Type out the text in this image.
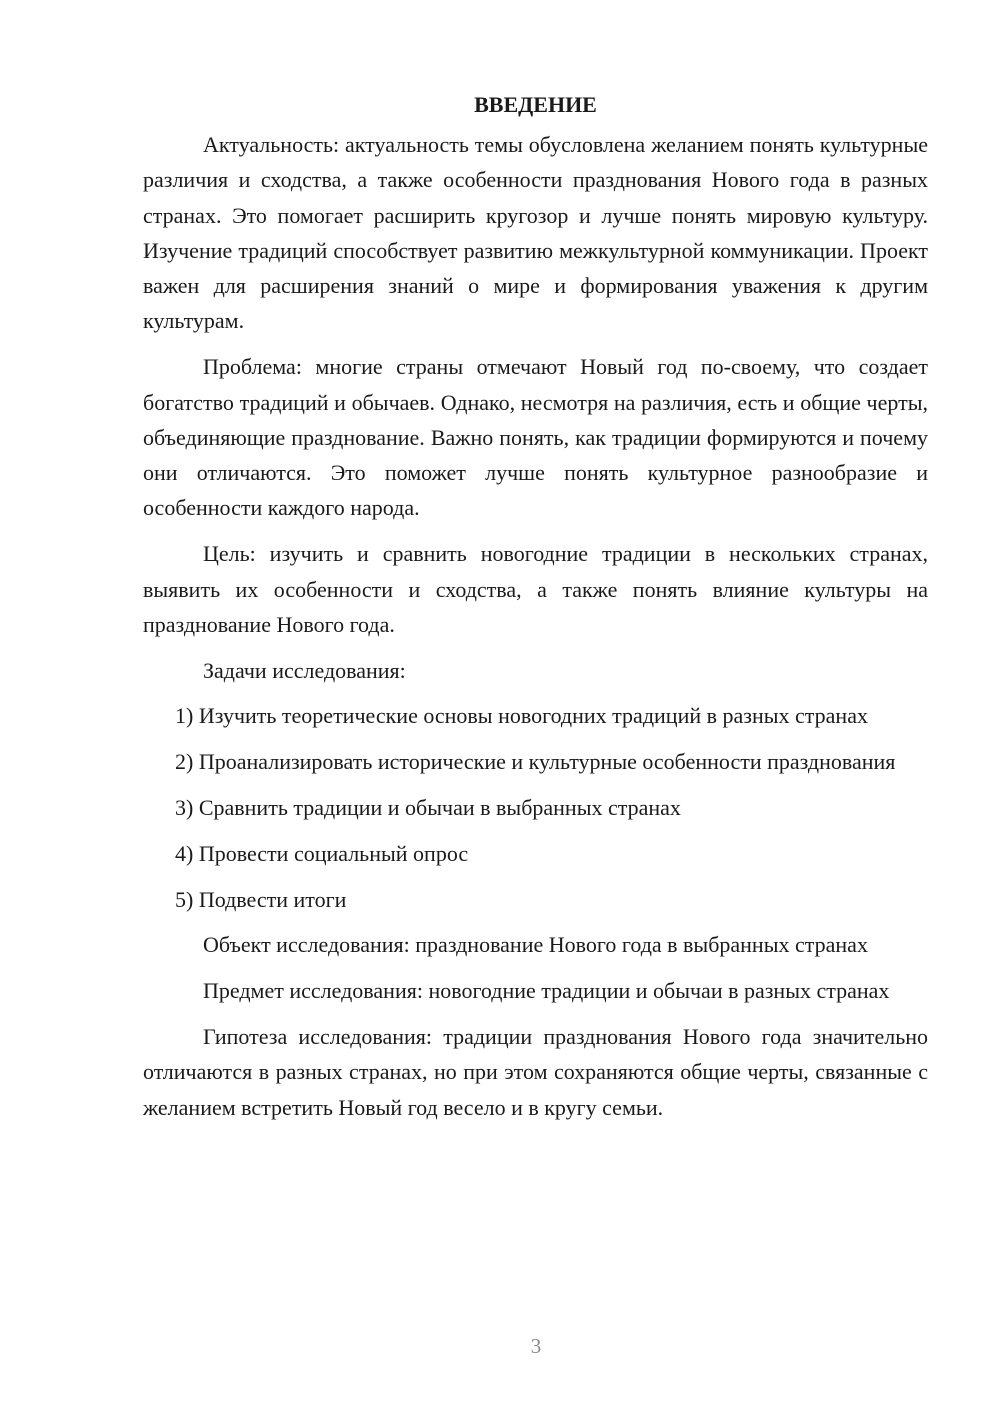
ВВЕДЕНИЕ

Актуальность: актуальность темы обусловлена желанием понять культурные различия и сходства, а также особенности празднования Нового года в разных странах. Это помогает расширить кругозор и лучше понять мировую культуру. Изучение традиций способствует развитию межкультурной коммуникации. Проект важен для расширения знаний о мире и формирования уважения к другим культурам.

Проблема: многие страны отмечают Новый год по-своему, что создает богатство традиций и обычаев. Однако, несмотря на различия, есть и общие черты, объединяющие празднование. Важно понять, как традиции формируются и почему они отличаются. Это поможет лучше понять культурное разнообразие и особенности каждого народа.

Цель: изучить и сравнить новогодние традиции в нескольких странах, выявить их особенности и сходства, а также понять влияние культуры на празднование Нового года.

Задачи исследования:

1) Изучить теоретические основы новогодних традиций в разных странах

2) Проанализировать исторические и культурные особенности празднования

3) Сравнить традиции и обычаи в выбранных странах

4) Провести социальный опрос

5) Подвести итоги

Объект исследования: празднование Нового года в выбранных странах

Предмет исследования: новогодние традиции и обычаи в разных странах

Гипотеза исследования: традиции празднования Нового года значительно отличаются в разных странах, но при этом сохраняются общие черты, связанные с желанием встретить Новый год весело и в кругу семьи.

3
